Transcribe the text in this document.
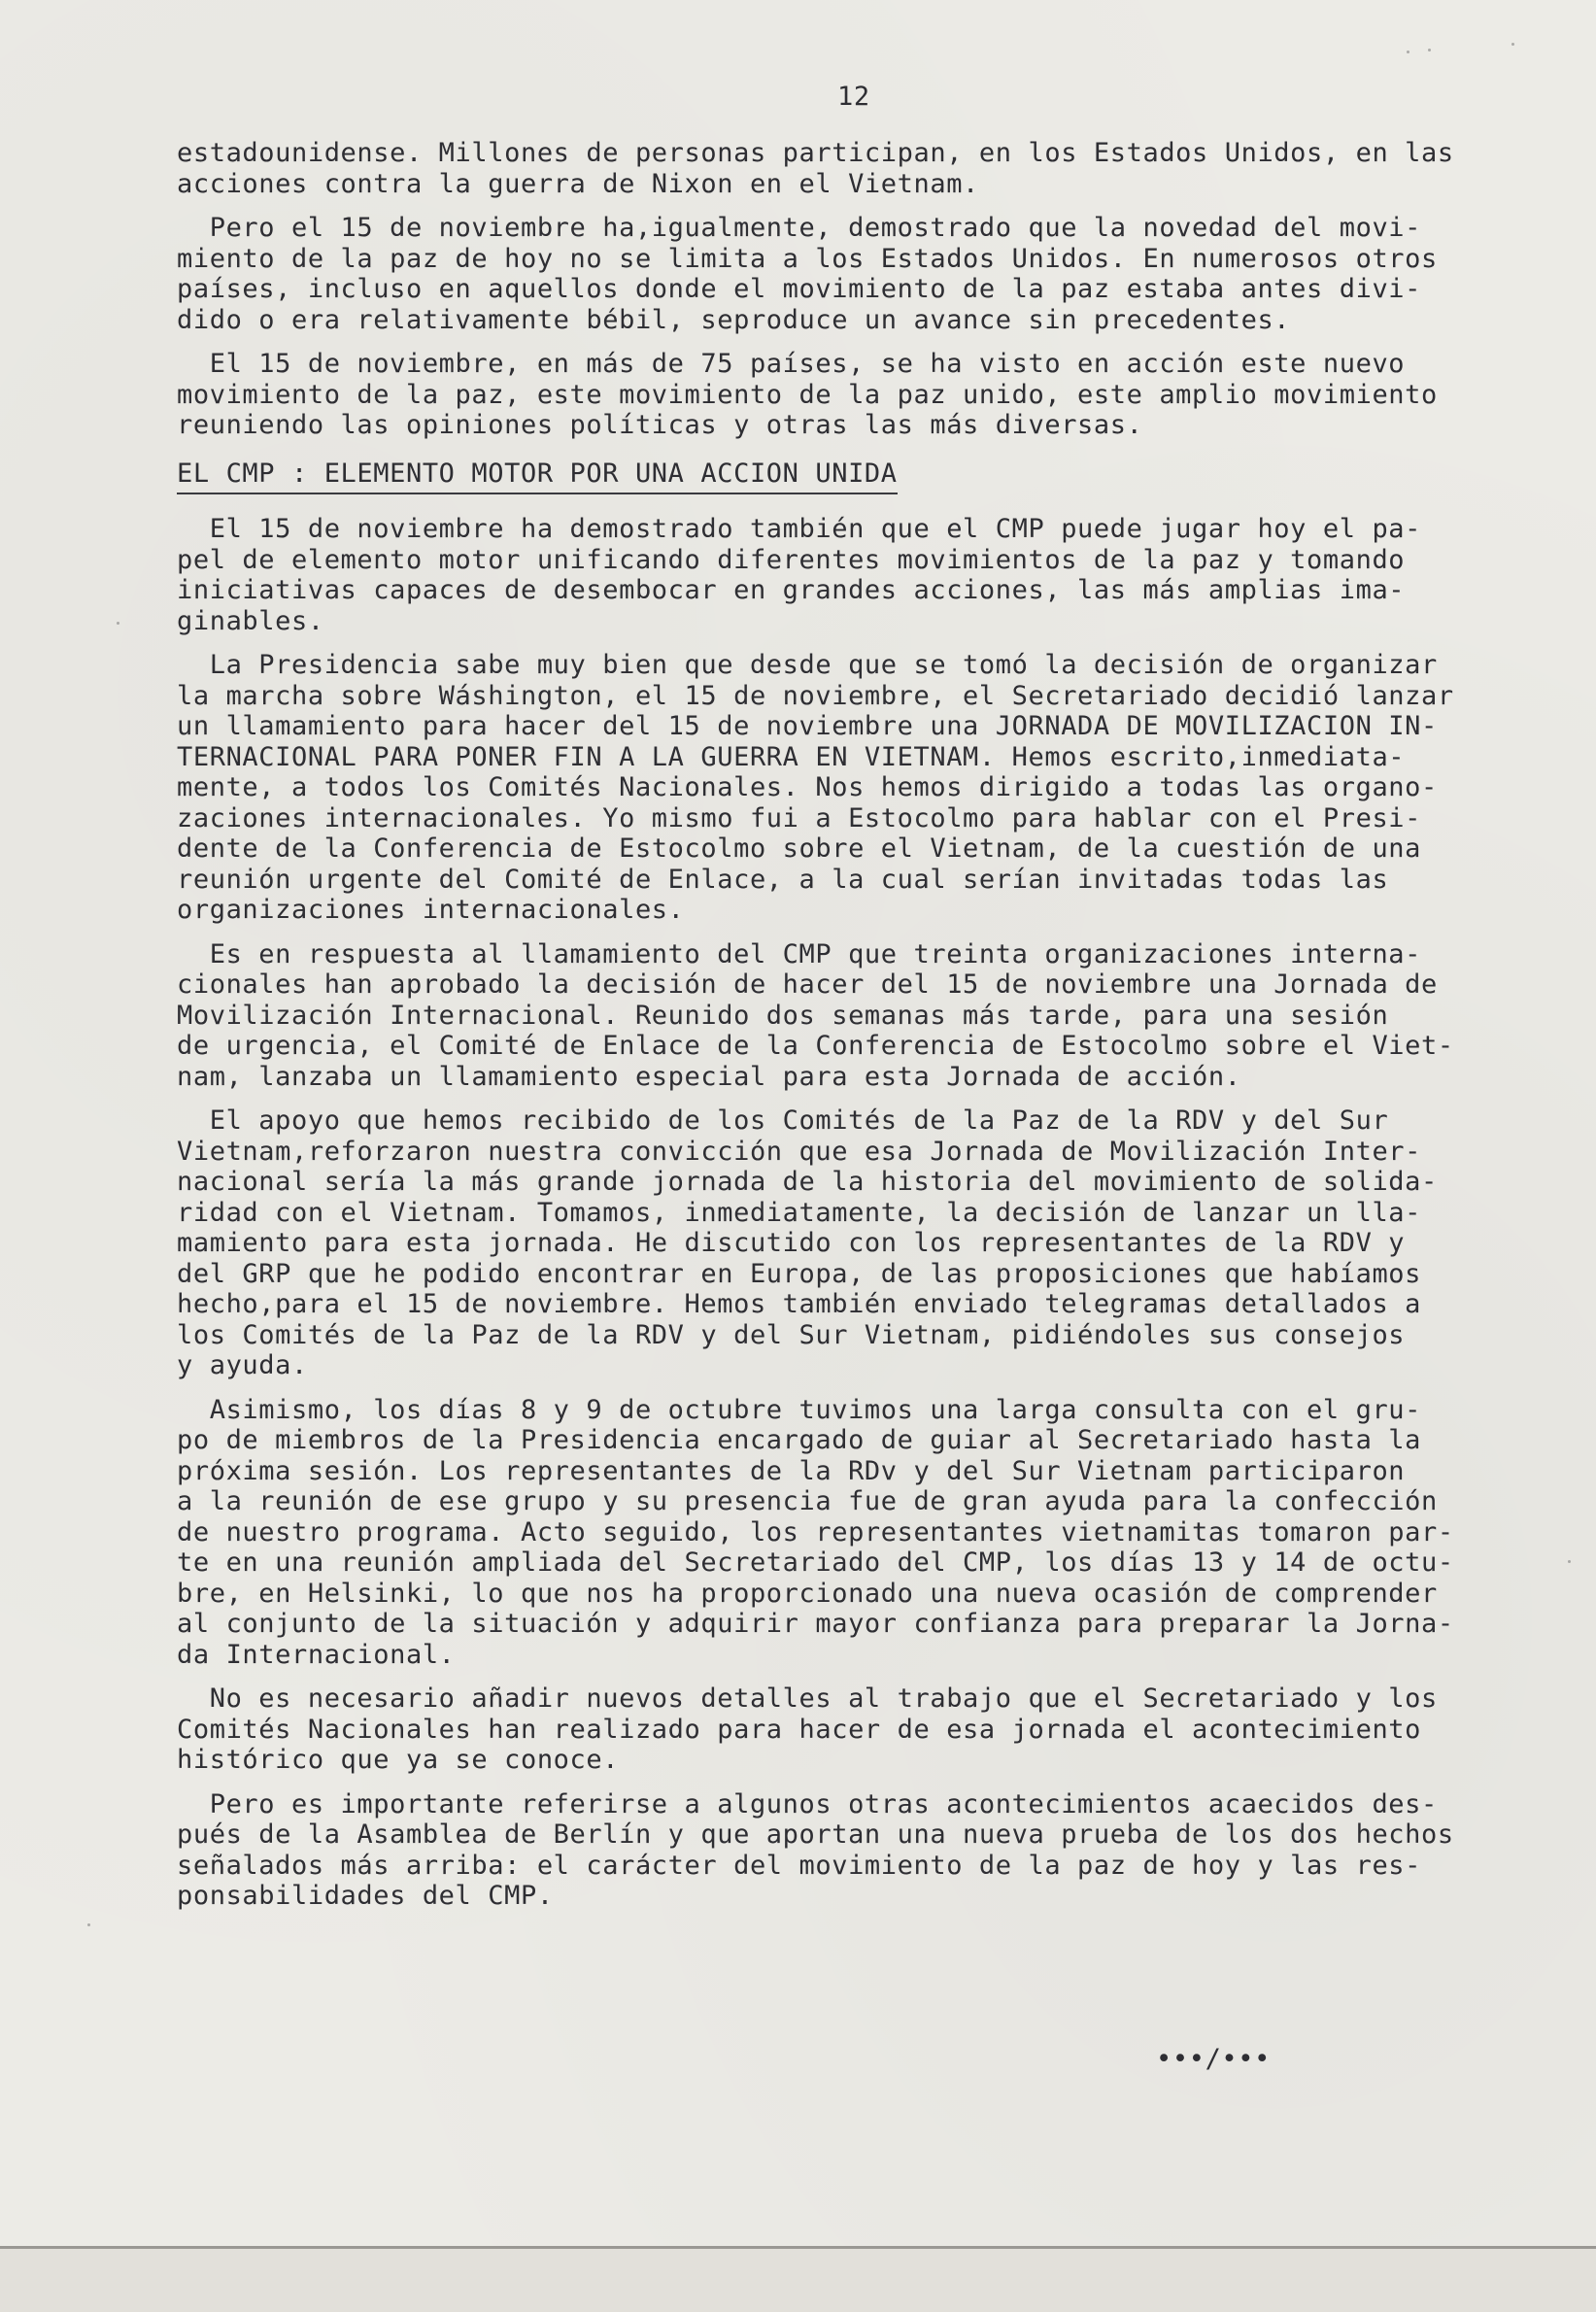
12
estadounidense. Millones de personas participan, en los Estados Unidos, en las
acciones contra la guerra de Nixon en el Vietnam.
Pero el 15 de noviembre ha,igualmente, demostrado que la novedad del movi-
miento de la paz de hoy no se limita a los Estados Unidos. En numerosos otros
países, incluso en aquellos donde el movimiento de la paz estaba antes divi-
dido o era relativamente bébil, seproduce un avance sin precedentes.
El 15 de noviembre, en más de 75 países, se ha visto en acción este nuevo
movimiento de la paz, este movimiento de la paz unido, este amplio movimiento
reuniendo las opiniones políticas y otras las más diversas.
EL CMP : ELEMENTO MOTOR POR UNA ACCION UNIDA
El 15 de noviembre ha demostrado también que el CMP puede jugar hoy el pa-
pel de elemento motor unificando diferentes movimientos de la paz y tomando
iniciativas capaces de desembocar en grandes acciones, las más amplias ima-
ginables.
La Presidencia sabe muy bien que desde que se tomó la decisión de organizar
la marcha sobre Wáshington, el 15 de noviembre, el Secretariado decidió lanzar
un llamamiento para hacer del 15 de noviembre una JORNADA DE MOVILIZACION IN-
TERNACIONAL PARA PONER FIN A LA GUERRA EN VIETNAM. Hemos escrito,inmediata-
mente, a todos los Comités Nacionales. Nos hemos dirigido a todas las organo-
zaciones internacionales. Yo mismo fui a Estocolmo para hablar con el Presi-
dente de la Conferencia de Estocolmo sobre el Vietnam, de la cuestión de una
reunión urgente del Comité de Enlace, a la cual serían invitadas todas las
organizaciones internacionales.
Es en respuesta al llamamiento del CMP que treinta organizaciones interna-
cionales han aprobado la decisión de hacer del 15 de noviembre una Jornada de
Movilización Internacional. Reunido dos semanas más tarde, para una sesión
de urgencia, el Comité de Enlace de la Conferencia de Estocolmo sobre el Viet-
nam, lanzaba un llamamiento especial para esta Jornada de acción.
El apoyo que hemos recibido de los Comités de la Paz de la RDV y del Sur
Vietnam,reforzaron nuestra convicción que esa Jornada de Movilización Inter-
nacional sería la más grande jornada de la historia del movimiento de solida-
ridad con el Vietnam. Tomamos, inmediatamente, la decisión de lanzar un lla-
mamiento para esta jornada. He discutido con los representantes de la RDV y
del GRP que he podido encontrar en Europa, de las proposiciones que habíamos
hecho,para el 15 de noviembre. Hemos también enviado telegramas detallados a
los Comités de la Paz de la RDV y del Sur Vietnam, pidiéndoles sus consejos
y ayuda.
Asimismo, los días 8 y 9 de octubre tuvimos una larga consulta con el gru-
po de miembros de la Presidencia encargado de guiar al Secretariado hasta la
próxima sesión. Los representantes de la RDv y del Sur Vietnam participaron
a la reunión de ese grupo y su presencia fue de gran ayuda para la confección
de nuestro programa. Acto seguido, los representantes vietnamitas tomaron par-
te en una reunión ampliada del Secretariado del CMP, los días 13 y 14 de octu-
bre, en Helsinki, lo que nos ha proporcionado una nueva ocasión de comprender
al conjunto de la situación y adquirir mayor confianza para preparar la Jorna-
da Internacional.
No es necesario añadir nuevos detalles al trabajo que el Secretariado y los
Comités Nacionales han realizado para hacer de esa jornada el acontecimiento
histórico que ya se conoce.
Pero es importante referirse a algunos otras acontecimientos acaecidos des-
pués de la Asamblea de Berlín y que aportan una nueva prueba de los dos hechos
señalados más arriba: el carácter del movimiento de la paz de hoy y las res-
ponsabilidades del CMP.
•••/•••
